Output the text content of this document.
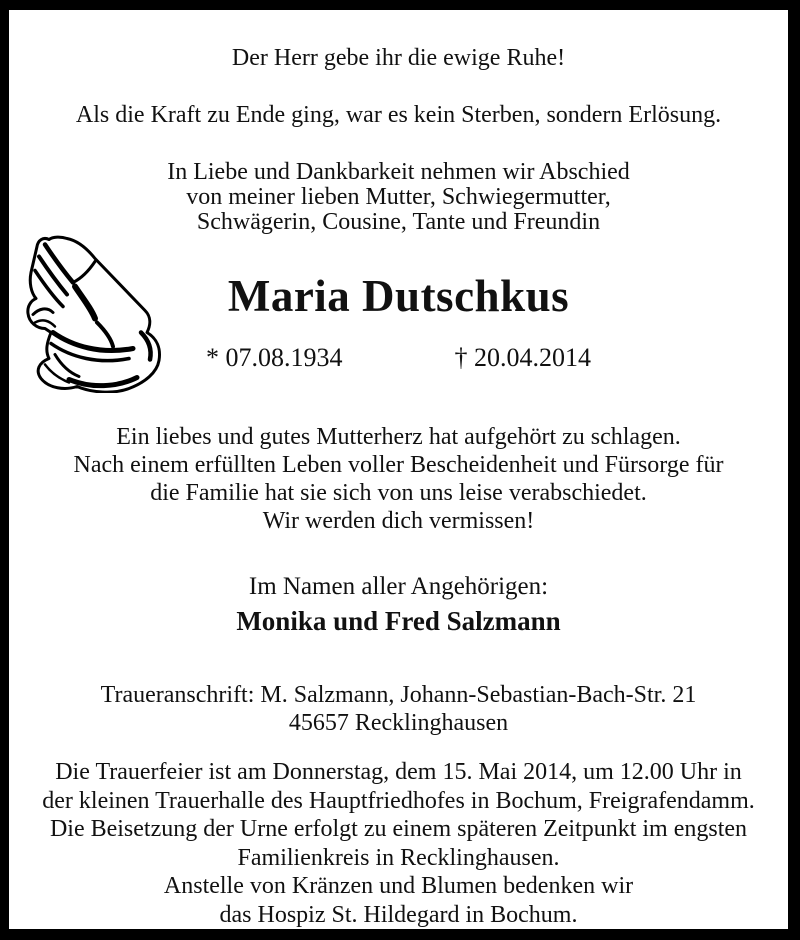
Der Herr gebe ihr die ewige Ruhe!
Als die Kraft zu Ende ging, war es kein Sterben, sondern Erlösung.
In Liebe und Dankbarkeit nehmen wir Abschied
von meiner lieben Mutter, Schwiegermutter,
Schwägerin, Cousine, Tante und Freundin
Maria Dutschkus
* 07.08.1934	† 20.04.2014
Ein liebes und gutes Mutterherz hat aufgehört zu schlagen.
Nach einem erfüllten Leben voller Bescheidenheit und Fürsorge für
die Familie hat sie sich von uns leise verabschiedet.
Wir werden dich vermissen!
Im Namen aller Angehörigen:
Monika und Fred Salzmann
Traueranschrift: M. Salzmann, Johann-Sebastian-Bach-Str. 21
45657 Recklinghausen
Die Trauerfeier ist am Donnerstag, dem 15. Mai 2014, um 12.00 Uhr in
der kleinen Trauerhalle des Hauptfriedhofes in Bochum, Freigrafendamm.
Die Beisetzung der Urne erfolgt zu einem späteren Zeitpunkt im engsten
Familienkreis in Recklinghausen.
Anstelle von Kränzen und Blumen bedenken wir
das Hospiz St. Hildegard in Bochum.
